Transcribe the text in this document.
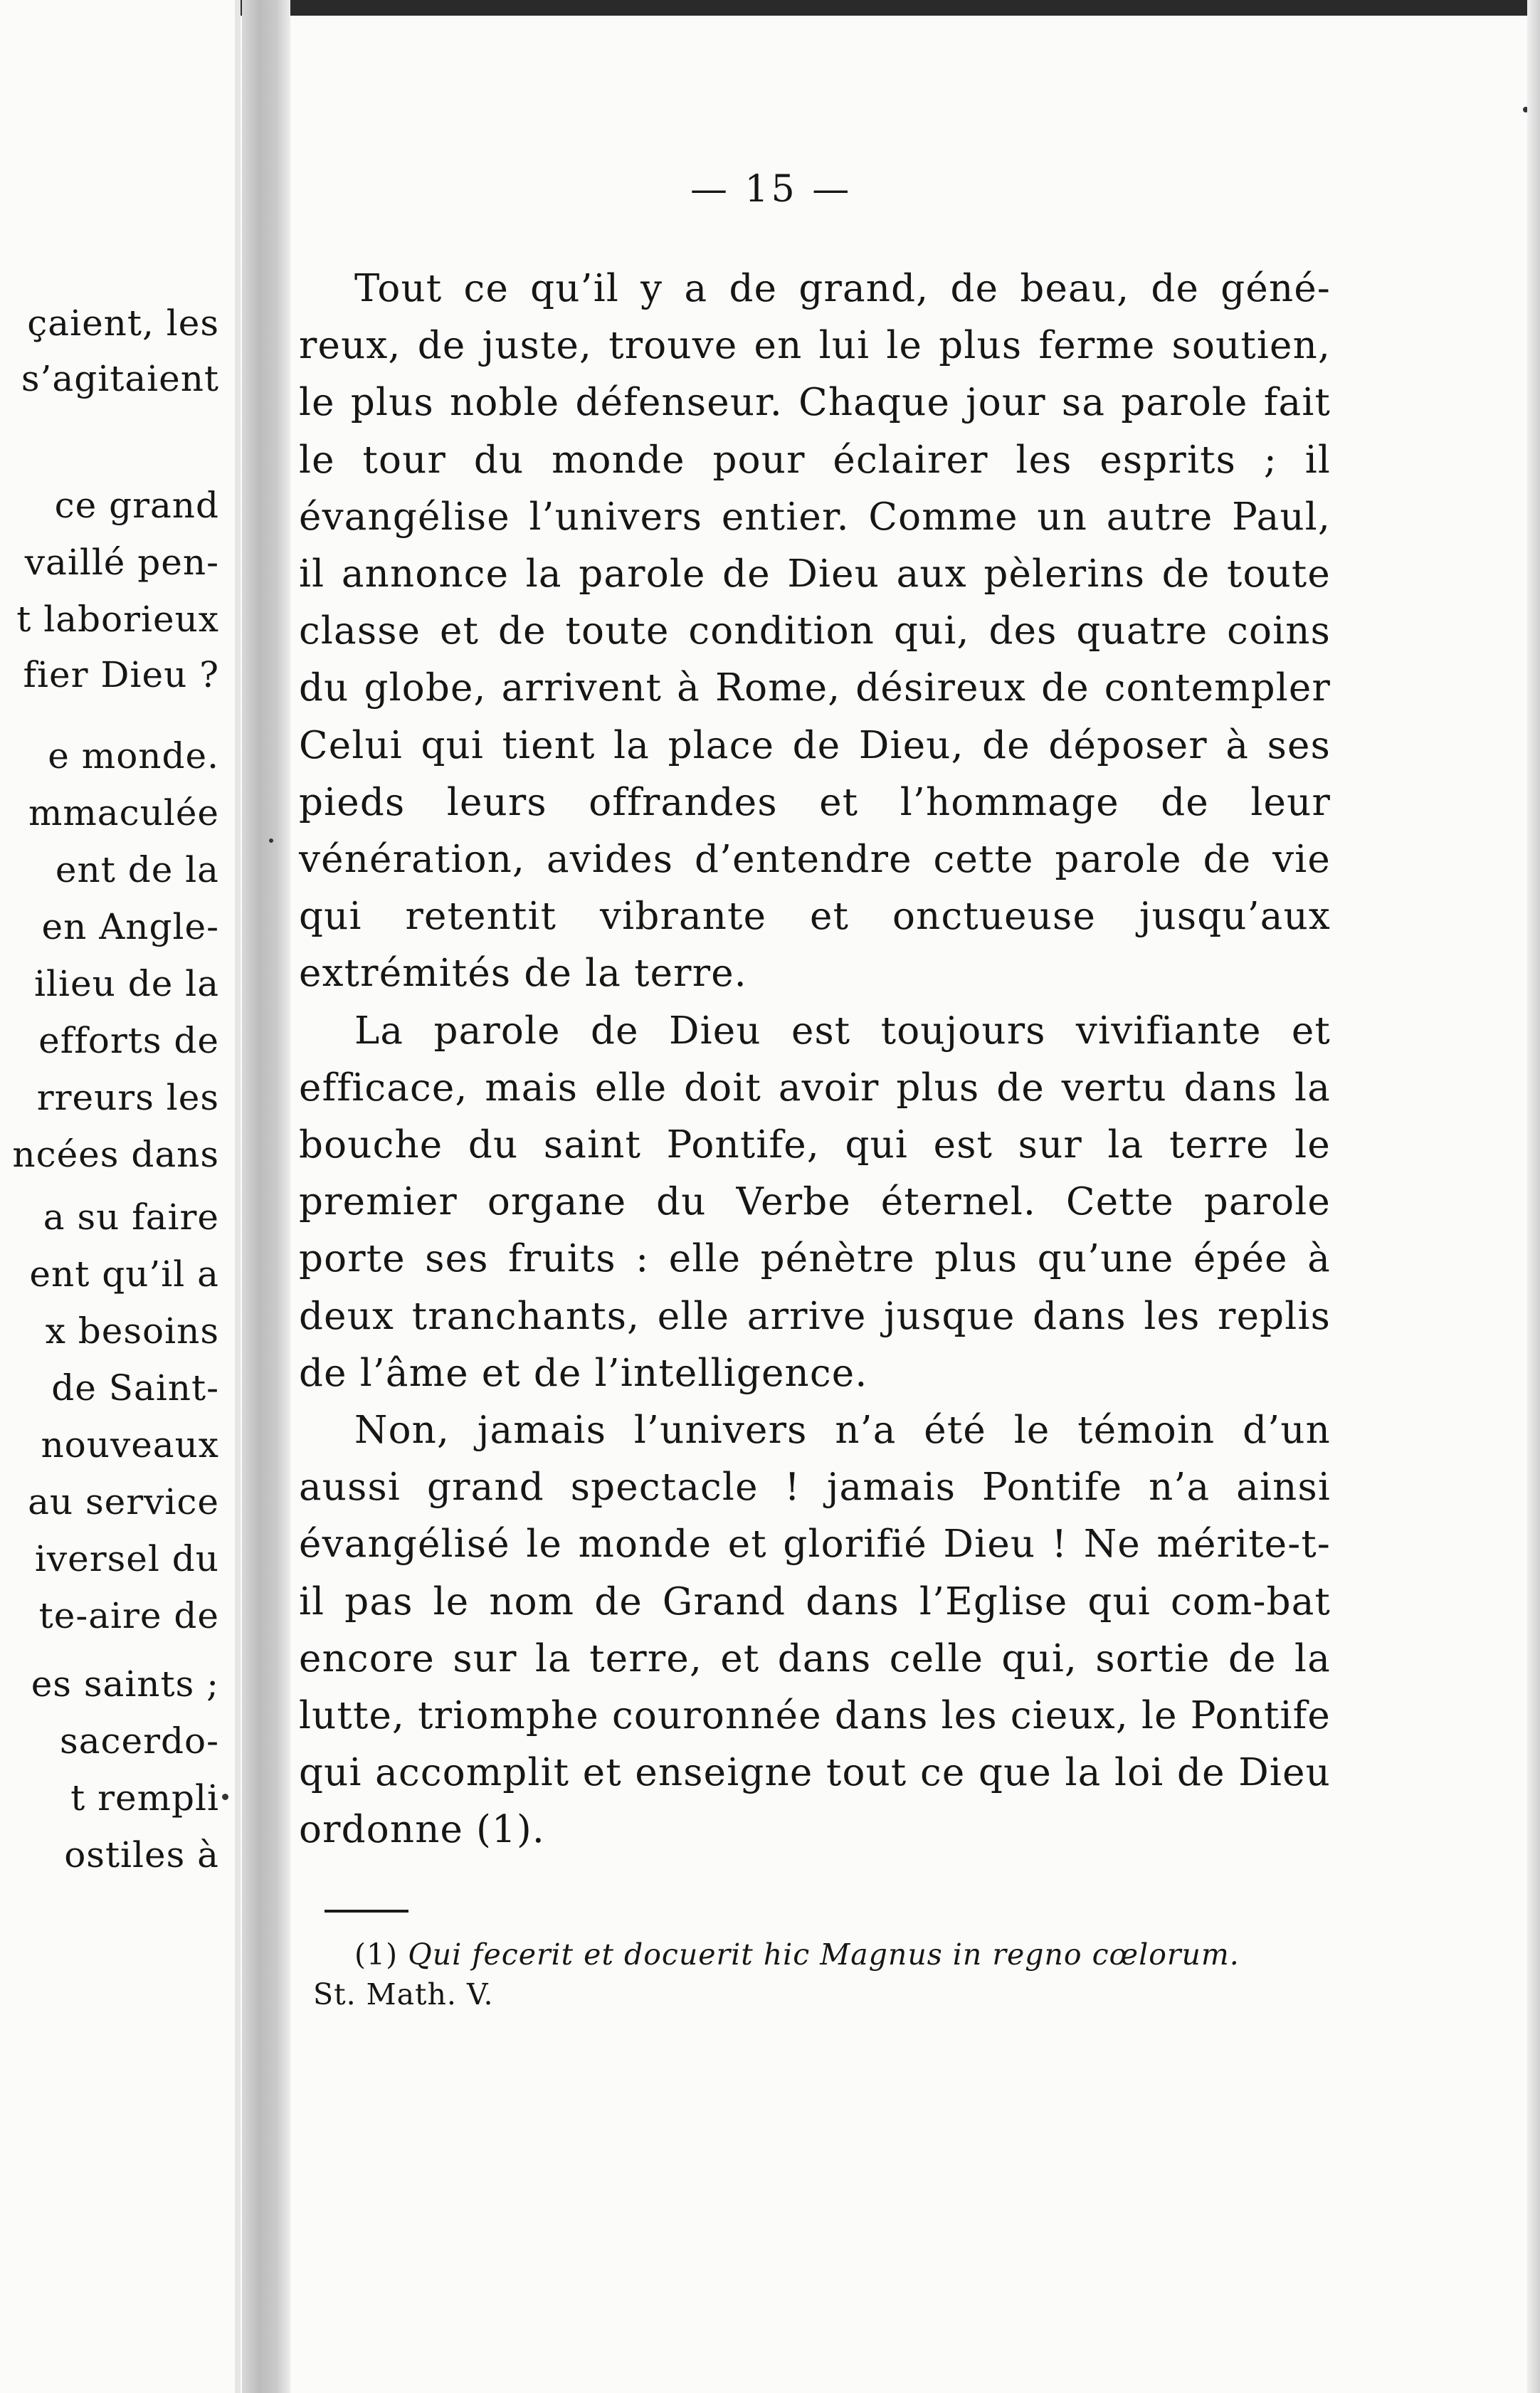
çaient, les
s’agitaient
ce grand
vaillé pen-
t laborieux
fier Dieu ?
e monde.
mmaculée
ent de la
en Angle-
ilieu de la
efforts de
rreurs les
ncées dans
a su faire
ent qu’il a
x besoins
de Saint-
nouveaux
au service
iversel du
te-aire de
es saints ;
sacerdo-
t rempli
ostiles à
— 15 —

Tout ce qu’il y a de grand, de beau, de géné-reux, de juste, trouve en lui le plus ferme soutien, le plus noble défenseur. Chaque jour sa parole fait le tour du monde pour éclairer les esprits ; il évangélise l’univers entier. Comme un autre Paul, il annonce la parole de Dieu aux pèlerins de toute classe et de toute condition qui, des quatre coins du globe, arrivent à Rome, désireux de contempler Celui qui tient la place de Dieu, de déposer à ses pieds leurs offrandes et l’hommage de leur vénération, avides d’entendre cette parole de vie qui retentit vibrante et onctueuse jusqu’aux extrémités de la terre.

La parole de Dieu est toujours vivifiante et efficace, mais elle doit avoir plus de vertu dans la bouche du saint Pontife, qui est sur la terre le premier organe du Verbe éternel. Cette parole porte ses fruits : elle pénètre plus qu’une épée à deux tranchants, elle arrive jusque dans les replis de l’âme et de l’intelligence.

Non, jamais l’univers n’a été le témoin d’un aussi grand spectacle ! jamais Pontife n’a ainsi évangélisé le monde et glorifié Dieu ! Ne mérite-t-il pas le nom de Grand dans l’Eglise qui com-bat encore sur la terre, et dans celle qui, sortie de la lutte, triomphe couronnée dans les cieux, le Pontife qui accomplit et enseigne tout ce que la loi de Dieu ordonne (1).

(1) Qui fecerit et docuerit hic Magnus in regno cœlorum.
St. Math. V.
